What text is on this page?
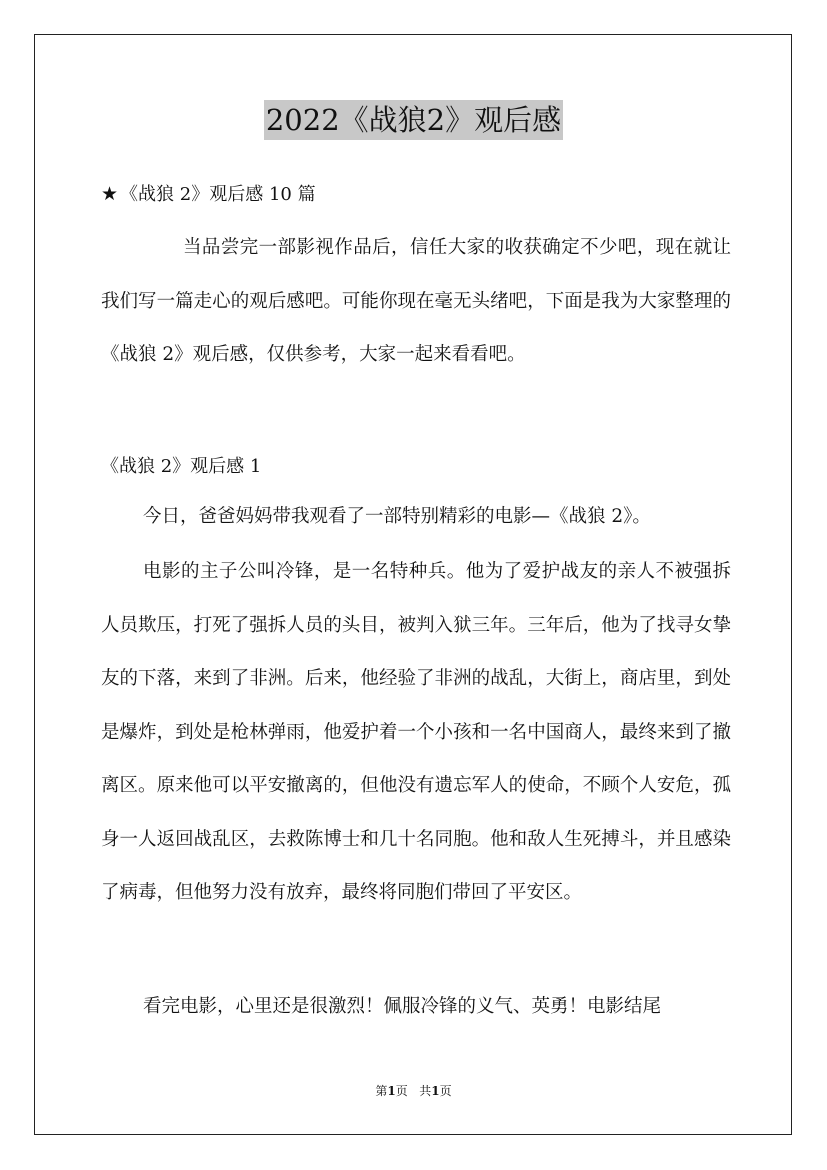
2022《战狼2》观后感
★ 《战狼 2》观后感 10 篇

当品尝完一部影视作品后，信任大家的收获确定不少吧，现在就让我们写一篇走心的观后感吧。可能你现在毫无头绪吧，下面是我为大家整理的《战狼 2》观后感，仅供参考，大家一起来看看吧。

《战狼 2》观后感 1

今日，爸爸妈妈带我观看了一部特别精彩的电影—《战狼 2》。

电影的主子公叫冷锋，是一名特种兵。他为了爱护战友的亲人不被强拆人员欺压，打死了强拆人员的头目，被判入狱三年。三年后，他为了找寻女挚友的下落，来到了非洲。后来，他经验了非洲的战乱，大街上，商店里，到处是爆炸，到处是枪林弹雨，他爱护着一个小孩和一名中国商人，最终来到了撤离区。原来他可以平安撤离的，但他没有遗忘军人的使命，不顾个人安危，孤身一人返回战乱区，去救陈博士和几十名同胞。他和敌人生死搏斗，并且感染了病毒，但他努力没有放弃，最终将同胞们带回了平安区。

看完电影，心里还是很激烈！佩服冷锋的义气、英勇！电影结尾

第1页 共1页
